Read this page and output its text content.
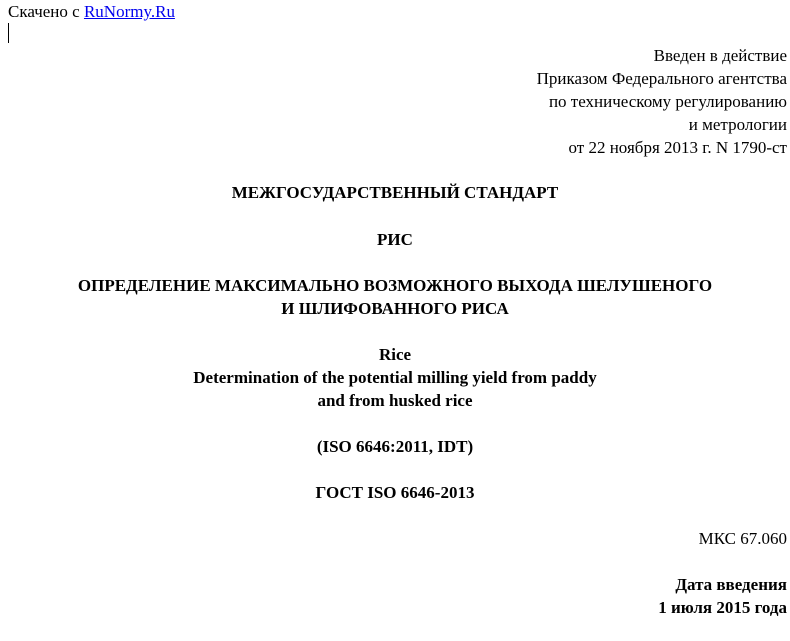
Скачено с RuNormy.Ru
Введен в действие
Приказом Федерального агентства
по техническому регулированию
и метрологии
от 22 ноября 2013 г. N 1790-ст
МЕЖГОСУДАРСТВЕННЫЙ СТАНДАРТ
РИС
ОПРЕДЕЛЕНИЕ МАКСИМАЛЬНО ВОЗМОЖНОГО ВЫХОДА ШЕЛУШЕНОГО
И ШЛИФОВАННОГО РИСА
Rice
Determination of the potential milling yield from paddy
and from husked rice
(ISO 6646:2011, IDT)
ГОСТ ISO 6646-2013
МКС 67.060
Дата введения
1 июля 2015 года
